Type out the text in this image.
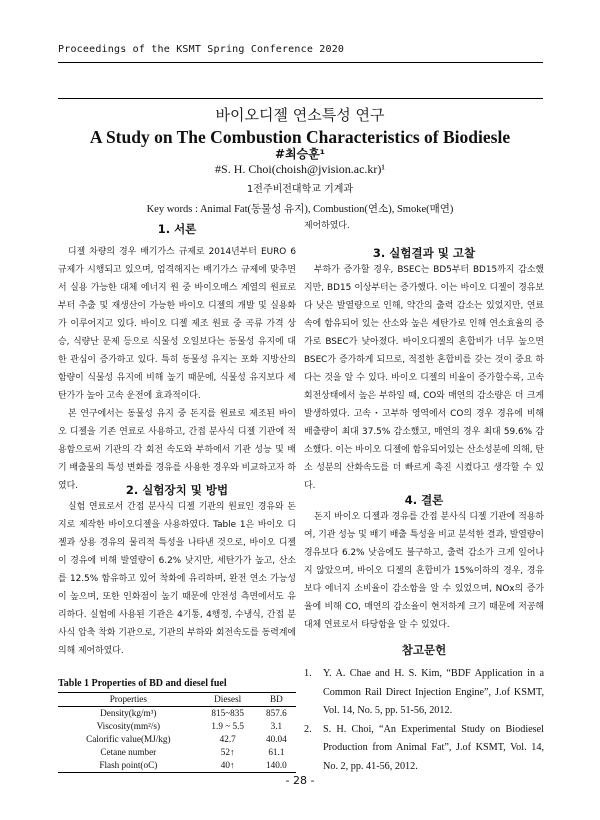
Proceedings of the KSMT Spring Conference 2020
바이오디젤 연소특성 연구
A Study on The Combustion Characteristics of Biodiesle
#최승훈¹
#S. H. Choi(choish@jvision.ac.kr)¹
1전주비전대학교 기계과
Key words : Animal Fat(동물성 유지), Combustion(연소), Smoke(매연)
1. 서론

디젤 차량의 경우 배기가스 규제로 2014년부터 EURO 6 규제가 시행되고 있으며, 엄격해지는 배기가스 규제에 맞추면서 실용 가능한 대체 에너지 원 중 바이오매스 계열의 원료로부터 추출 및 재생산이 가능한 바이오 디젤의 개발 및 실용화가 이루어지고 있다. 바이오 디젤 제조 원료 중 곡류 가격 상승, 식량난 문제 등으로 식물성 오일보다는 동물성 유지에 대한 관심이 증가하고 있다. 특히 동물성 유지는 포화 지방산의 함량이 식물성 유지에 비해 높기 때문에, 식물성 유지보다 세탄가가 높아 고속 운전에 효과적이다.

본 연구에서는 동물성 유지 중 돈지를 원료로 제조된 바이오 디젤을 기존 연료로 사용하고, 간접 분사식 디젤 기관에 적용함으로써 기관의 각 회전 속도와 부하에서 기관 성능 및 배기 배출물의 특성 변화를 경유를 사용한 경우와 비교하고자 하였다.	2. 실험장치 및 방법

실험 연료로서 간접 분사식 디젤 기관의 원료인 경유와 돈지로 제작한 바이오디젤을 사용하였다. Table 1은 바이오 디젤과 상용 경유의 물리적 특성을 나타낸 것으로, 바이오 디젤이 경유에 비해 발열량이 6.2% 낮지만, 세탄가가 높고, 산소를 12.5% 함유하고 있어 착화에 유리하며, 완전 연소 가능성이 높으며, 또한 인화점이 높기 때문에 안전성 측면에서도 유리하다. 실험에 사용된 기관은 4기통, 4행정, 수냉식, 간접 분사식 압축 착화 기관으로, 기관의 부하와 회전속도를 동력계에 의해 제어하였다.

제어하였다.

3. 실험결과 및 고찰

부하가 증가할 경우, BSEC는 BD5부터 BD15까지 감소했지만, BD15 이상부터는 증가했다. 이는 바이오 디젤이 경유보다 낮은 발열량으로 인해, 약간의 출력 감소는 있었지만, 연료 속에 함유되어 있는 산소와 높은 세탄가로 인해 연소효율의 증가로 BSEC가 낮아졌다. 바이오디젤의 혼합비가 너무 높으면 BSEC가 증가하게 되므로, 적절한 혼합비를 갖는 것이 중요 하다는 것을 알 수 있다. 바이오 디젤의 비율이 증가할수록, 고속 회전상태에서 높은 부하일 때, CO와 매연의 감소량은 더 크게 발생하였다. 고속・고부하 영역에서 CO의 경우 경유에 비해 배출량이 최대 37.5% 감소했고, 매연의 경우 최대 59.6% 감소했다. 이는 바이오 디젤에 함유되어있는 산소성분에 의해, 탄소 성분의 산화속도를 더 빠르게 촉진 시켰다고 생각할 수 있다.

4. 결론

돈지 바이오 디젤과 경유를 간접 분사식 디젤 기관에 적용하여, 기관 성능 및 배기 배출 특성을 비교 분석한 결과, 발열량이 경유보다 6.2% 낮음에도 불구하고, 출력 감소가 크게 일어나지 않았으며, 바이오 디젤의 혼합비가 15%이하의 경우, 경유보다 에너지 소비율이 감소함을 알 수 있었으며, NOx의 증가율에 비해 CO, 매연의 감소율이 현저하게 크기 때문에 저공해 대체 연료로서 타당함을 알 수 있었다.

참고문헌
1. Y. A. Chae and H. S. Kim, “BDF Application in a Common Rail Direct Injection Engine”, J.of KSMT, Vol. 14, No. 5, pp. 51-56, 2012.
2. S. H. Choi, “An Experimental Study on Biodiesel Production from Animal Fat”, J.of KSMT, Vol. 14, No. 2, pp. 41-56, 2012.
Table 1 Properties of BD and diesel fuel
Properties	Diesesl	BD
Density(kg/m³)	815~835	857.6
Viscosity(mm²/s)	1.9 ~ 5.5	3.1
Calorific value(MJ/kg)	42.7	40.04
Cetane number	52↑	61.1
Flash point(oC)	40↑	140.0
- 28 -
